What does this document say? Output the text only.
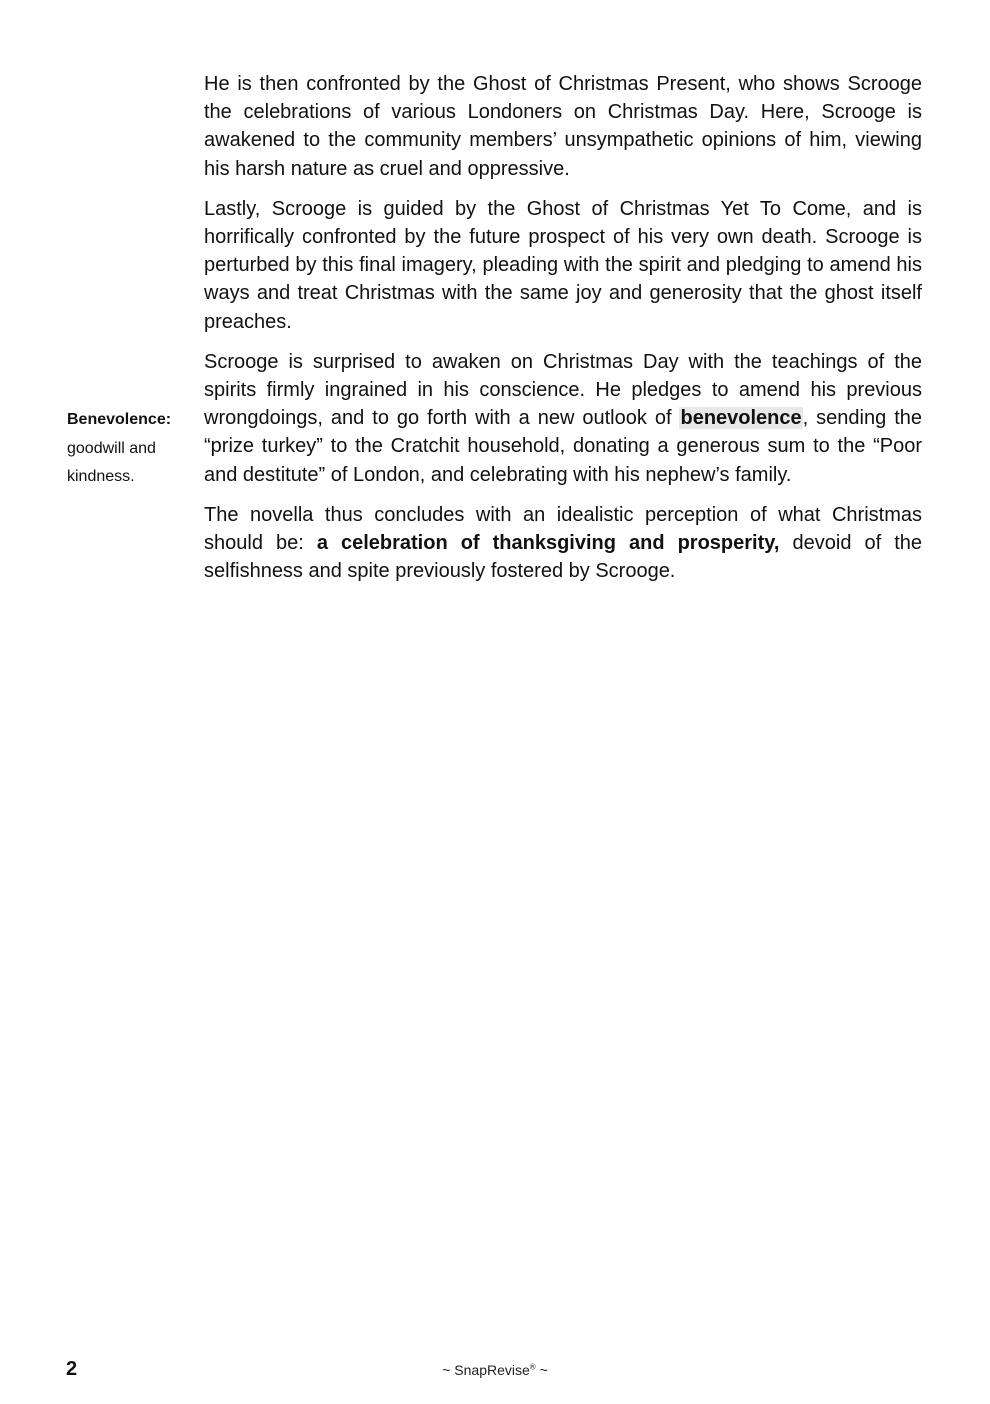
He is then confronted by the Ghost of Christmas Present, who shows Scrooge the celebrations of various Londoners on Christmas Day. Here, Scrooge is awakened to the community members’ unsympathetic opinions of him, viewing his harsh nature as cruel and oppressive.

Lastly, Scrooge is guided by the Ghost of Christmas Yet To Come, and is horrifically confronted by the future prospect of his very own death. Scrooge is perturbed by this final imagery, pleading with the spirit and pledging to amend his ways and treat Christmas with the same joy and generosity that the ghost itself preaches.

Scrooge is surprised to awaken on Christmas Day with the teachings of the spirits firmly ingrained in his conscience. He pledges to amend his previous wrongdoings, and to go forth with a new outlook of benevolence, sending the “prize turkey” to the Cratchit household, donating a generous sum to the “Poor and destitute” of London, and celebrating with his nephew’s family.

The novella thus concludes with an idealistic perception of what Christmas should be: a celebration of thanksgiving and prosperity, devoid of the selfishness and spite previously fostered by Scrooge.

Benevolence:
goodwill and kindness.
2	~ SnapRevise® ~
